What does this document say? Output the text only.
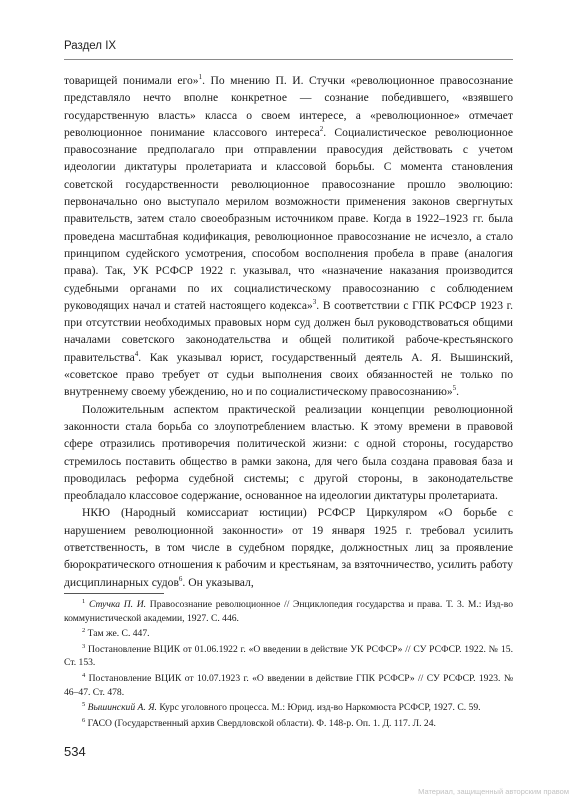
Раздел IX

товарищей понимали его»$^1$. По мнению П. И. Стучки «революционное правосознание представляло нечто вполне конкретное — сознание победившего, «взявшего государственную власть» класса о своем интересе, а «революционное» отмечает революционное понимание классового интереса$^2$. Социалистическое революционное правосознание предполагало при отправлении правосудия действовать с учетом идеологии диктатуры пролетариата и классовой борьбы. С момента становления советской государственности революционное правосознание прошло эволюцию: первоначально оно выступало мерилом возможности применения законов свергнутых правительств, затем стало своеобразным источником праве. Когда в 1922–1923 гг. была проведена масштабная кодификация, революционное правосознание не исчезло, а стало принципом судейского усмотрения, способом восполнения пробела в праве (аналогия права). Так, УК РСФСР 1922 г. указывал, что «назначение наказания производится судебными органами по их социалистическому правосознанию с соблюдением руководящих начал и статей настоящего кодекса»$^3$. В соответствии с ГПК РСФСР 1923 г. при отсутствии необходимых правовых норм суд должен был руководствоваться общими началами советского законодательства и общей политикой рабоче-крестьянского правительства$^4$. Как указывал юрист, государственный деятель А. Я. Вышинский, «советское право требует от судьи выполнения своих обязанностей не только по внутреннему своему убеждению, но и по социалистическому правосознанию»$^5$.

Положительным аспектом практической реализации концепции революционной законности стала борьба со злоупотреблением властью. К этому времени в правовой сфере отразились противоречия политической жизни: с одной стороны, государство стремилось поставить общество в рамки закона, для чего была создана правовая база и проводилась реформа судебной системы; с другой стороны, в законодательстве преобладало классовое содержание, основанное на идеологии диктатуры пролетариата.

НКЮ (Народный комиссариат юстиции) РСФСР Циркуляром «О борьбе с нарушением революционной законности» от 19 января 1925 г. требовал усилить ответственность, в том числе в судебном порядке, должностных лиц за проявление бюрократического отношения к рабочим и крестьянам, за взяточничество, усилить работу дисциплинарных судов$^6$. Он указывал,

$^1$ Стучка П. И. Правосознание революционное // Энциклопедия государства и права. Т. 3. М.: Изд-во коммунистической академии, 1927. С. 446.

$^2$ Там же. С. 447.

$^3$ Постановление ВЦИК от 01.06.1922 г. «О введении в действие УК РСФСР» // СУ РСФСР. 1922. № 15. Ст. 153.

$^4$ Постановление ВЦИК от 10.07.1923 г. «О введении в действие ГПК РСФСР» // СУ РСФСР. 1923. № 46–47. Ст. 478.

$^5$ Вышинский А. Я. Курс уголовного процесса. М.: Юрид. изд-во Наркомюста РСФСР, 1927. С. 59.

$^6$ ГАСО (Государственный архив Свердловской области). Ф. 148-р. Оп. 1. Д. 117. Л. 24.

534
Материал, защищенный авторским правом
